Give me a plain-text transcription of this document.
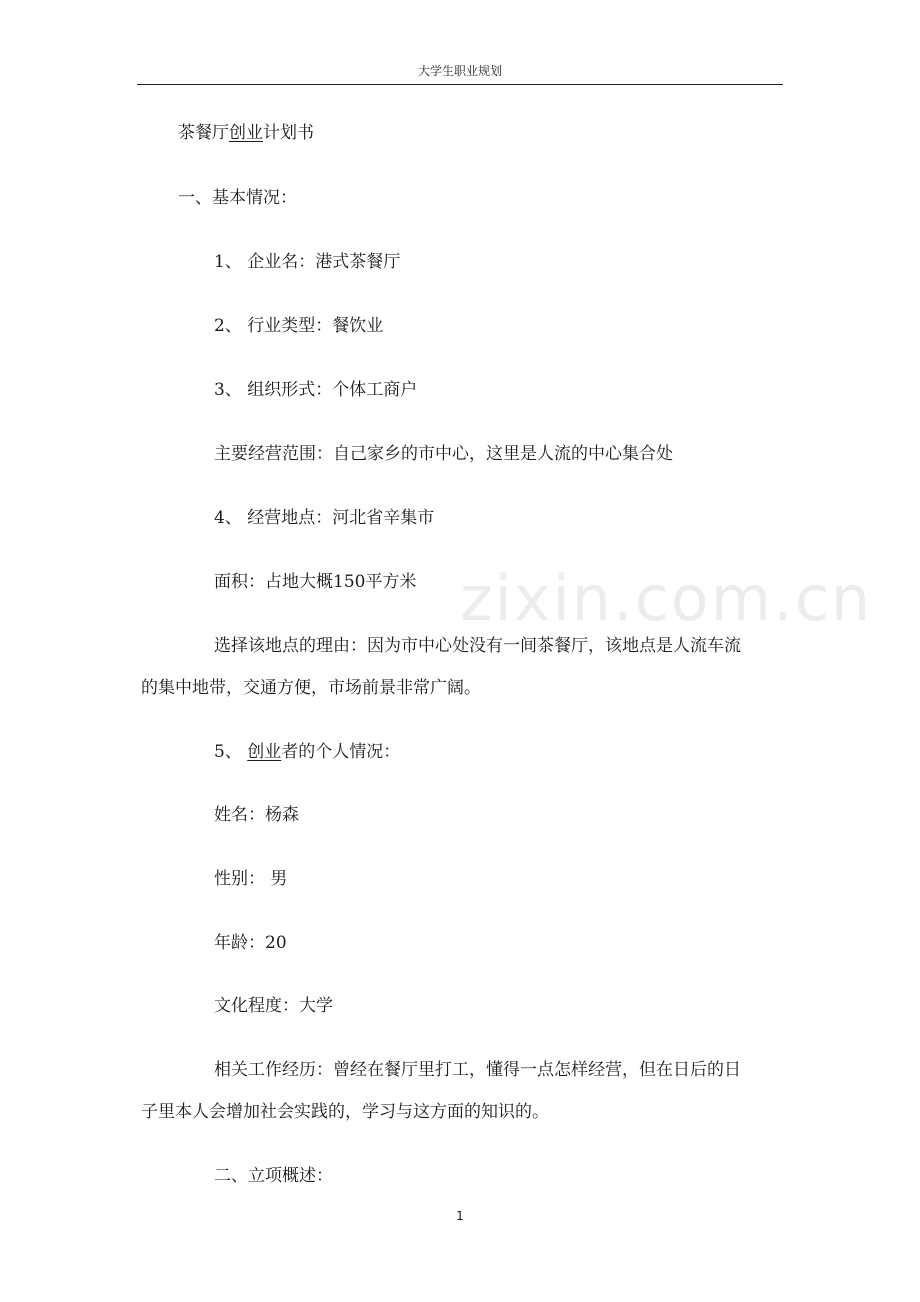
大学生职业规划
zixin.com.cn
茶餐厅创业计划书
一、基本情况：
1、 企业名：港式茶餐厅
2、 行业类型：餐饮业
3、 组织形式：个体工商户
主要经营范围：自己家乡的市中心，这里是人流的中心集合处
4、 经营地点：河北省辛集市
面积：占地大概150平方米
选择该地点的理由：因为市中心处没有一间茶餐厅，该地点是人流车流
的集中地带，交通方便，市场前景非常广阔。
5、 创业者的个人情况：
姓名：杨森
性别： 男
年龄：20
文化程度：大学
相关工作经历：曾经在餐厅里打工，懂得一点怎样经营，但在日后的日
子里本人会增加社会实践的，学习与这方面的知识的。
二、立项概述：
1
